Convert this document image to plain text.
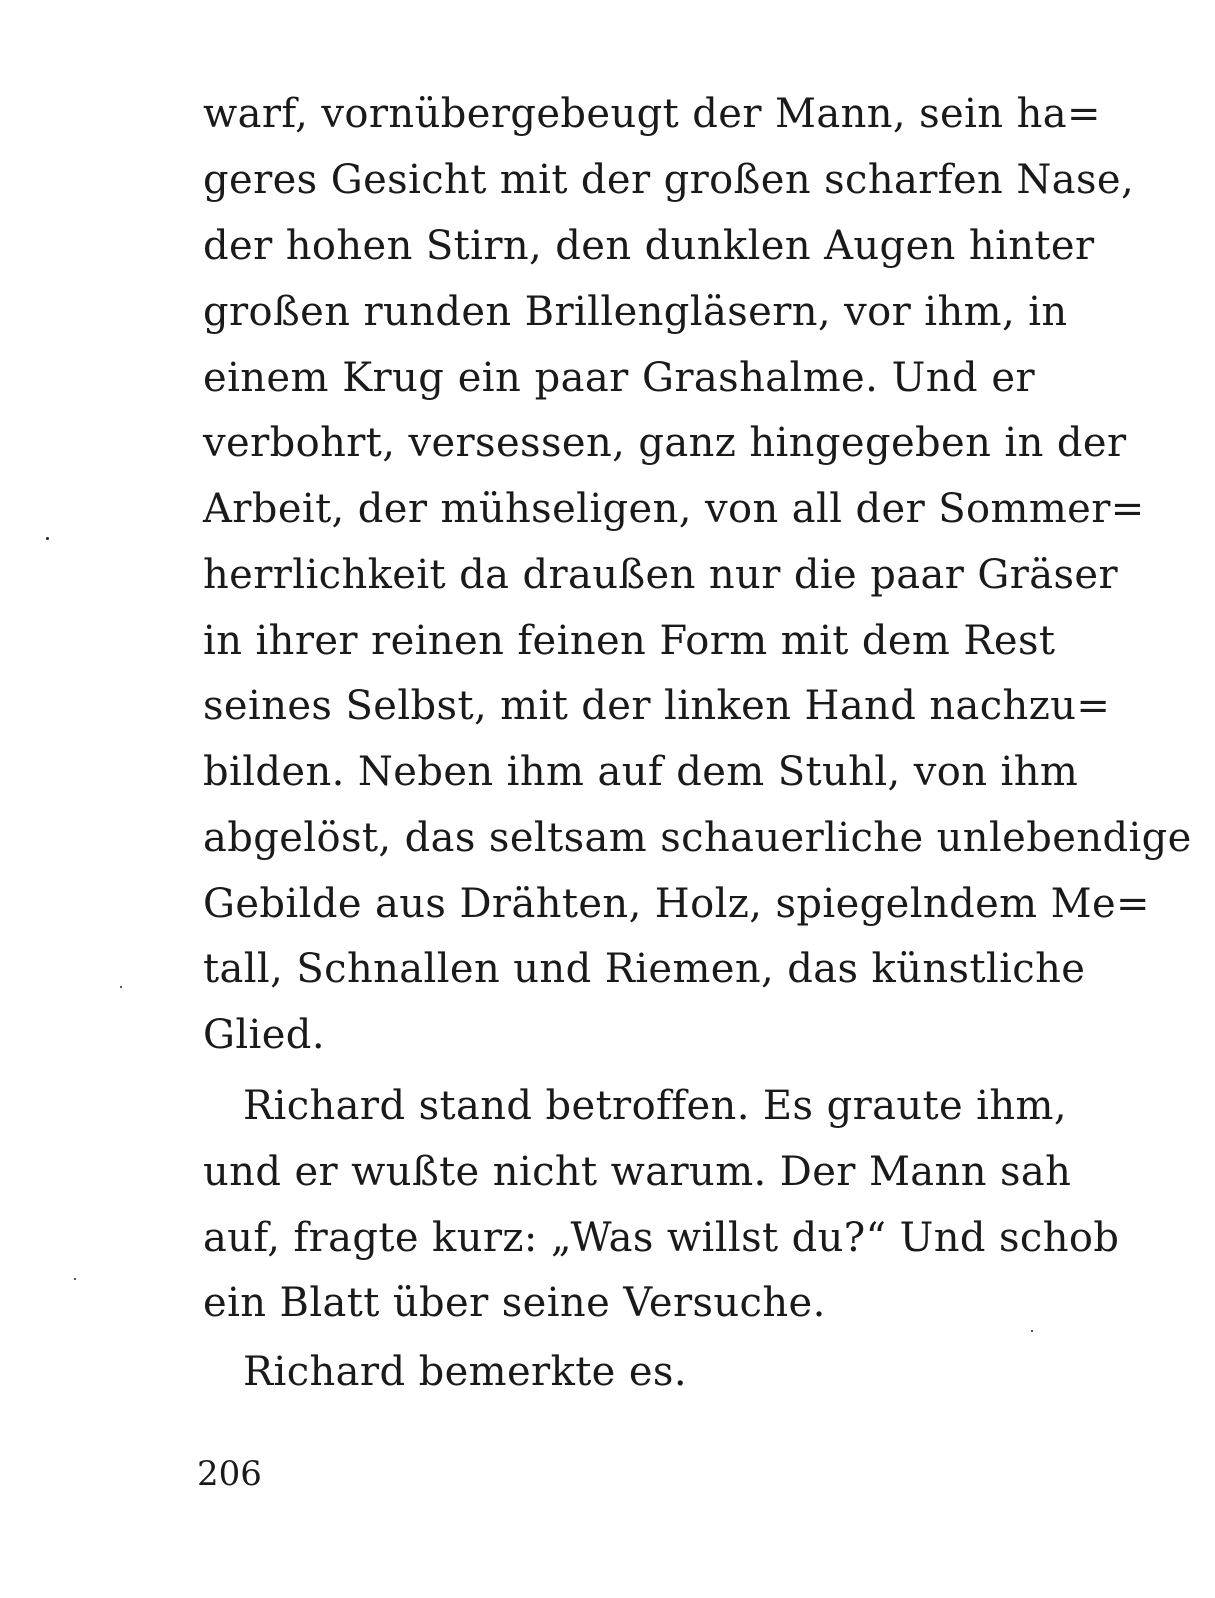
warf, vornübergebeugt der Mann, sein ha=
geres Gesicht mit der großen scharfen Nase,
der hohen Stirn, den dunklen Augen hinter
großen runden Brillengläsern, vor ihm, in
einem Krug ein paar Grashalme. Und er
verbohrt, versessen, ganz hingegeben in der
Arbeit, der mühseligen, von all der Sommer=
herrlichkeit da draußen nur die paar Gräser
in ihrer reinen feinen Form mit dem Rest
seines Selbst, mit der linken Hand nachzu=
bilden. Neben ihm auf dem Stuhl, von ihm
abgelöst, das seltsam schauerliche unlebendige
Gebilde aus Drähten, Holz, spiegelndem Me=
tall, Schnallen und Riemen, das künstliche
Glied.
Richard stand betroffen. Es graute ihm,
und er wußte nicht warum. Der Mann sah
auf, fragte kurz: „Was willst du?“ Und schob
ein Blatt über seine Versuche.
Richard bemerkte es.
206
